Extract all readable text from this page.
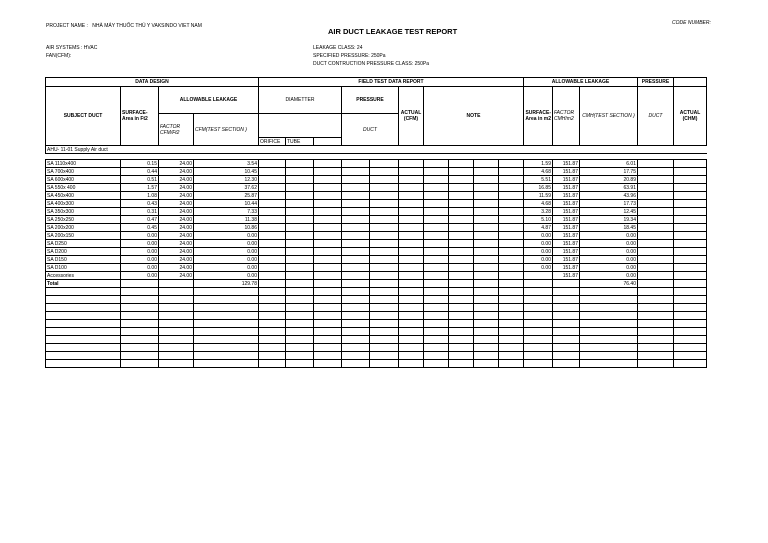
PROJECT NAME : NHÀ MÁY THUỐC THÚ Y VAKSINDO VIET NAM	CODE NUMBER:
AIR DUCT LEAKAGE TEST REPORT
AIR SYSTEMS : HVAC
FAN(CFM):
LEAKAGE CLASS: 24
SPECIFIED PRESSURE: 250Pa
DUCT CONTRUCTION PRESSURE CLASS: 250Pa
DATA DESIGN				FIELD TEST DATA REPORT						ALLOWABLE LEAKAGE			PRESSURE	
SUBJECT DUCT	SURFACE-Area in Ft2	ALLOWABLE LEAKAGE		DIAMETTER			PRESSURE	ACTUAL (CFM)	NOTE	SURFACE-Area in m2	FACTOR CMH/m2	CMH(TEST SECTION )	DUCT	ACTUAL (CHM)
		FACTOR CFM/Ft2	CFM(TEST SECTION )				DUCT							
				ORIFICE	TUBE									
AHU- 11-01 Supply Air duct														
SA 1110x400	0.15	24.00	3.54											1.59	151.87	6.01		
SA 700x400	0.44	24.00	10.45											4.68	151.87	17.75		
SA 600x400	0.51	24.00	12.30											5.51	151.87	20.89		
SA 550x 400	1.57	24.00	37.62											16.85	151.87	63.91		
SA 450x400	1.08	24.00	25.87											11.59	151.87	43.96		
SA 400x300	0.43	24.00	10.44											4.68	151.87	17.73		
SA 350x300	0.31	24.00	7.33											3.28	151.87	12.45		
SA 250x250	0.47	24.00	11.38											5.10	151.87	19.34		
SA 200x200	0.45	24.00	10.86											4.87	151.87	18.45		
SA 200x150	0.00	24.00	0.00											0.00	151.87	0.00		
SA D250	0.00	24.00	0.00											0.00	151.87	0.00		
SA D200	0.00	24.00	0.00											0.00	151.87	0.00		
SA D150	0.00	24.00	0.00											0.00	151.87	0.00		
SA D100	0.00	24.00	0.00											0.00	151.87	0.00		
Accessories	0.00	24.00	0.00												151.87	0.00		
Total			129.78													76.40		
